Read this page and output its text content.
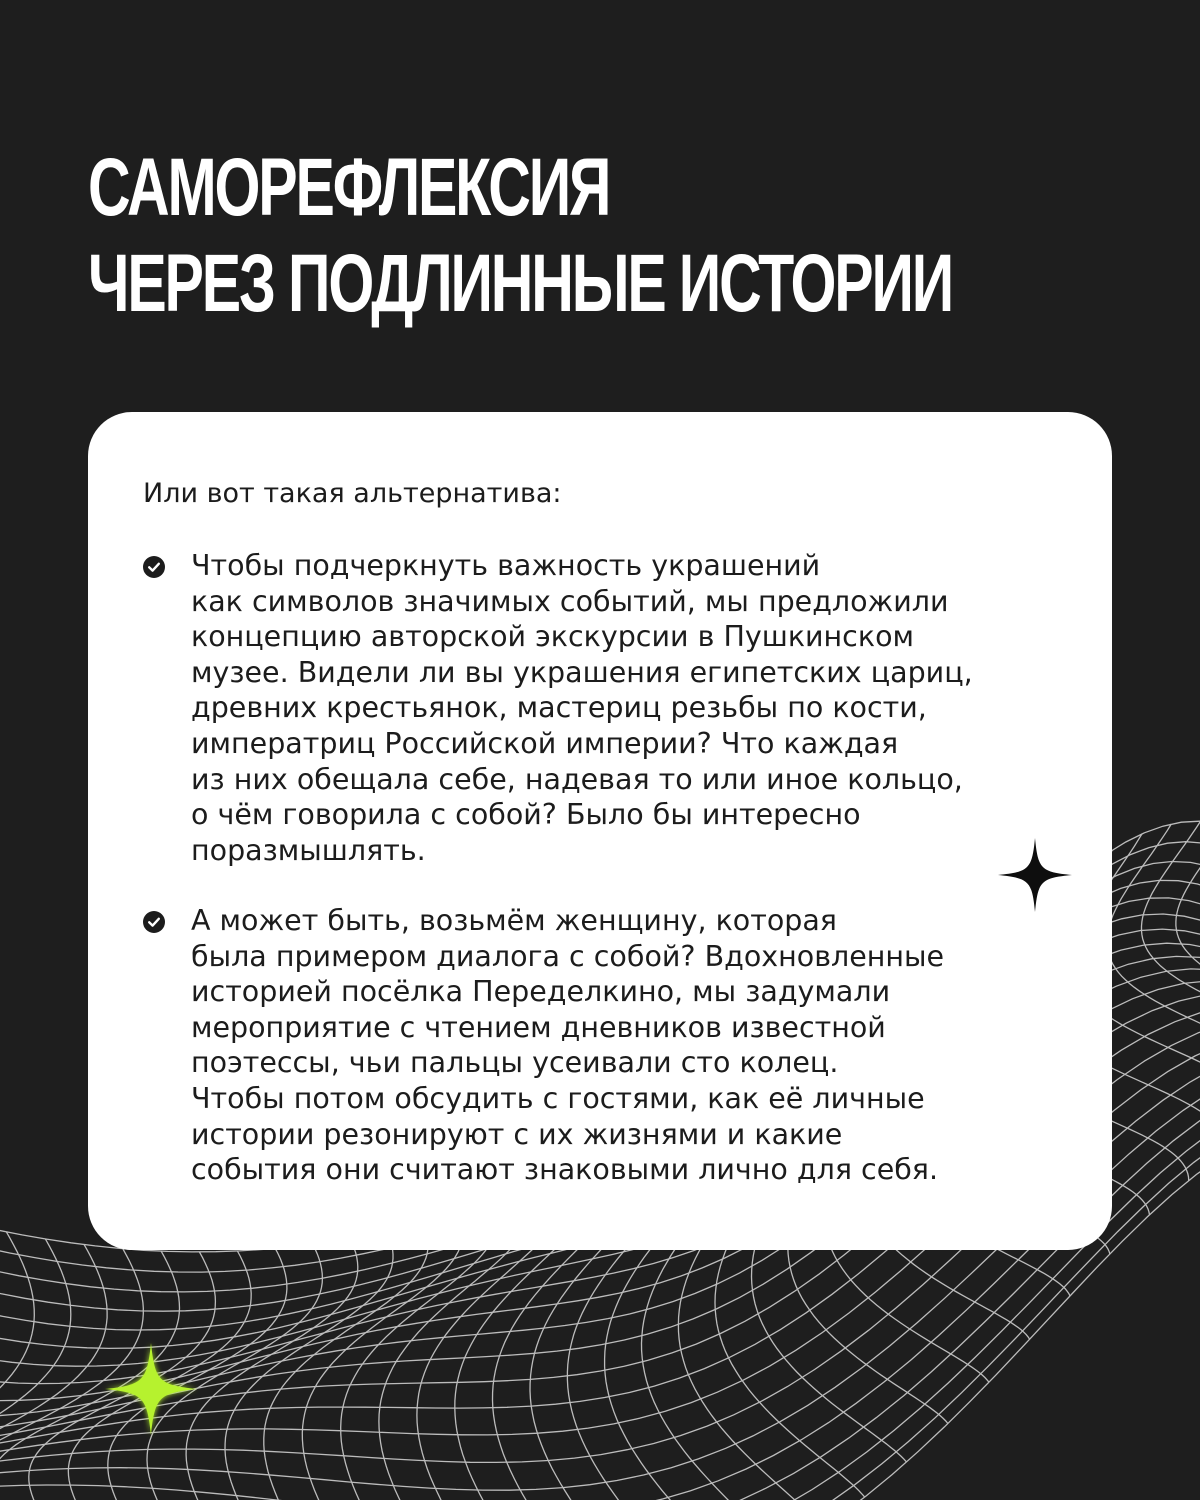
САМОРЕФЛЕКСИЯ
ЧЕРЕЗ ПОДЛИННЫЕ ИСТОРИИ

Или вот такая альтернатива:

Чтобы подчеркнуть важность украшений
как символов значимых событий, мы предложили
концепцию авторской экскурсии в Пушкинском
музее. Видели ли вы украшения египетских цариц,
древних крестьянок, мастериц резьбы по кости,
императриц Российской империи? Что каждая
из них обещала себе, надевая то или иное кольцо,
о чём говорила с собой? Было бы интересно
поразмышлять.
А может быть, возьмём женщину, которая
была примером диалога с собой? Вдохновленные
историей посёлка Переделкино, мы задумали
мероприятие с чтением дневников известной
поэтессы, чьи пальцы усеивали сто колец.
Чтобы потом обсудить с гостями, как её личные
истории резонируют с их жизнями и какие
события они считают знаковыми лично для себя.
